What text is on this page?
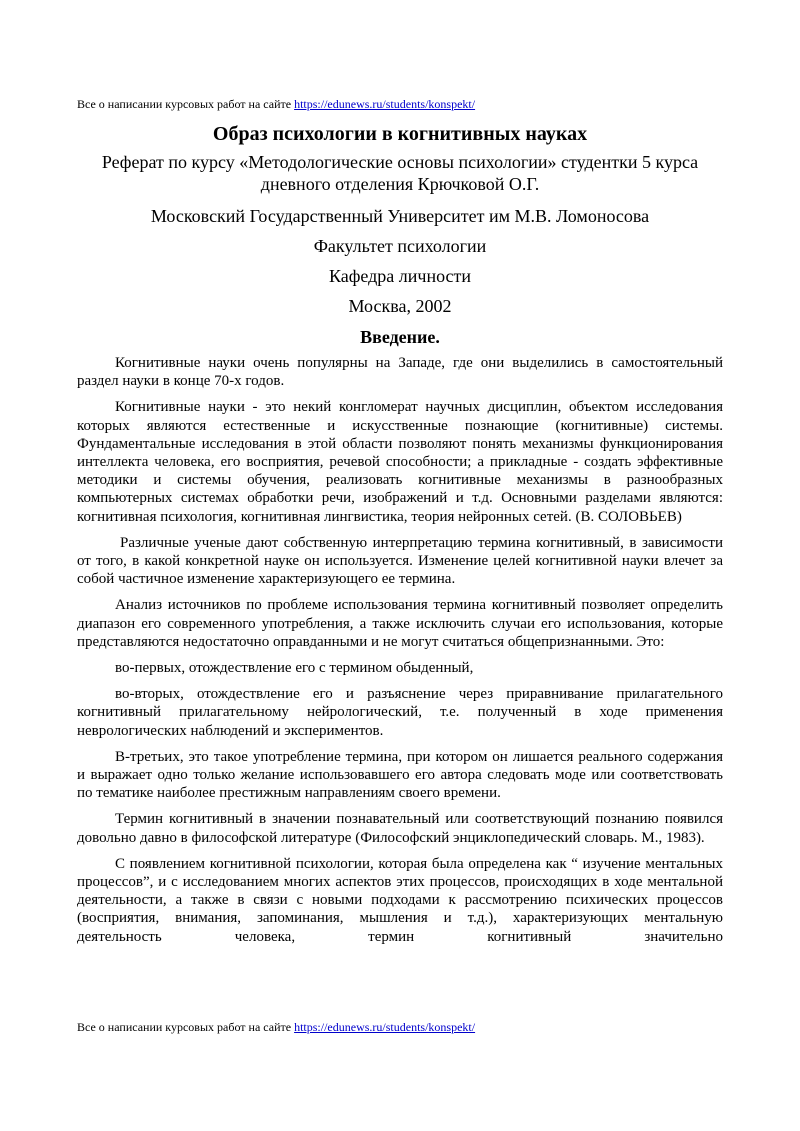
Все о написании курсовых работ на сайте https://edunews.ru/students/konspekt/
Образ психологии в когнитивных науках
Реферат по курсу «Методологические основы психологии» студентки 5 курса дневного отделения Крючковой О.Г.
Московский Государственный Университет им М.В. Ломоносова
Факультет психологии
Кафедра личности
Москва, 2002
Введение.

Когнитивные науки очень популярны на Западе, где они выделились в самостоятельный раздел науки в конце 70-х годов.

Когнитивные науки - это некий конгломерат научных дисциплин, объектом исследования которых являются естественные и искусственные познающие (когнитивные) системы. Фундаментальные исследования в этой области позволяют понять механизмы функционирования интеллекта человека, его восприятия, речевой способности; а прикладные - создать эффективные методики и системы обучения, реализовать когнитивные механизмы в разнообразных компьютерных системах обработки речи, изображений и т.д. Основными разделами являются: когнитивная психология, когнитивная лингвистика, теория нейронных сетей. (В. СОЛОВЬЕВ)

Различные ученые дают собственную интерпретацию термина когнитивный, в зависимости от того, в какой конкретной науке он используется. Изменение целей когнитивной науки влечет за собой частичное изменение характеризующего ее термина.

Анализ источников по проблеме использования термина когнитивный позволяет определить диапазон его современного употребления, а также исключить случаи его использования, которые представляются недостаточно оправданными и не могут считаться общепризнанными. Это:

во-первых, отождествление его с термином обыденный,

во-вторых, отождествление его и разъяснение через приравнивание прилагательного когнитивный прилагательному нейрологический, т.е. полученный в ходе применения неврологических наблюдений и экспериментов.

В-третьих, это такое употребление термина, при котором он лишается реального содержания и выражает одно только желание использовавшего его автора следовать моде или соответствовать по тематике наиболее престижным направлениям своего времени.

Термин когнитивный в значении познавательный или соответствующий познанию появился довольно давно в философской литературе (Философский энциклопедический словарь. М., 1983).

С появлением когнитивной психологии, которая была определена как “ изучение ментальных процессов”, и с исследованием многих аспектов этих процессов, происходящих в ходе ментальной деятельности, а также в связи с новыми подходами к рассмотрению психических процессов (восприятия, внимания, запоминания, мышления и т.д.), характеризующих ментальную деятельность человека, термин когнитивный значительно

Все о написании курсовых работ на сайте https://edunews.ru/students/konspekt/
